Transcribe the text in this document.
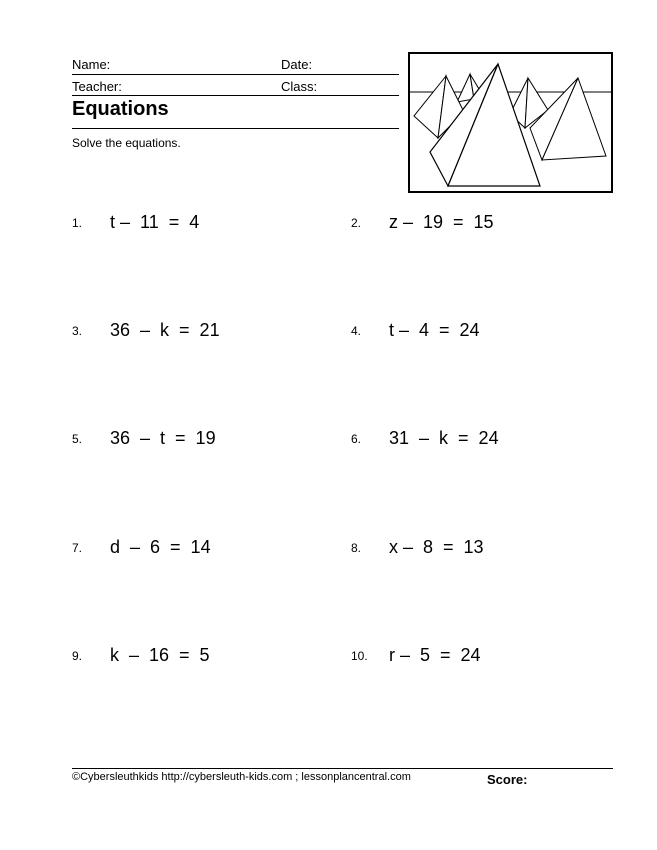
Name:	Date:
Teacher:	Class:
Equations
Solve the equations.
1. t –  11  =  4	2. z –  19  =  15
3. 36  –  k  =  21	4. t –  4  =  24
5. 36  –  t  =  19	6. 31  –  k  =  24
7. d  –  6  =  14	8. x –  8  =  13
9. k  –  16  =  5	10. r –  5  =  24
©Cybersleuthkids http://cybersleuth-kids.com ; lessonplancentral.com	Score:
